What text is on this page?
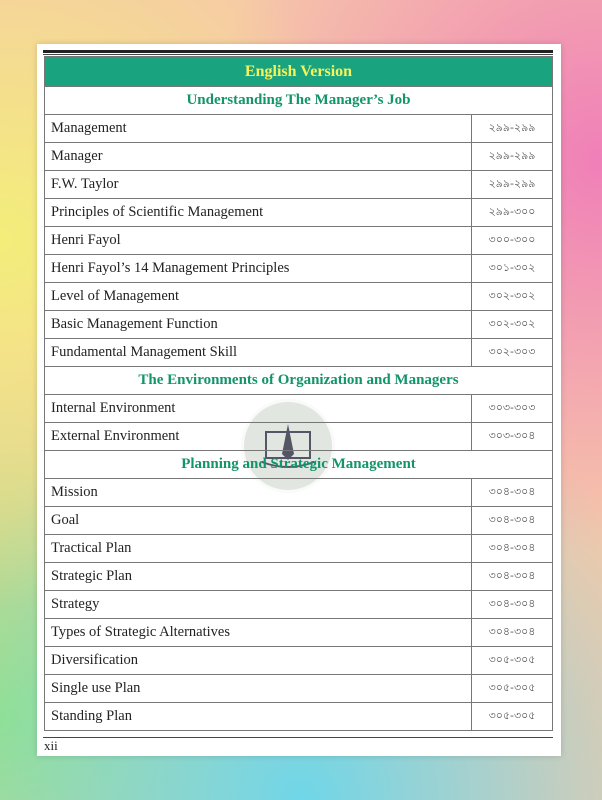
English Version	
Understanding The Manager’s Job	
Management	২৯৯-২৯৯
Manager	২৯৯-২৯৯
F.W. Taylor	২৯৯-২৯৯
Principles of Scientific Management	২৯৯-৩০০
Henri Fayol	৩০০-৩০০
Henri Fayol’s 14 Management Principles	৩০১-৩০২
Level of Management	৩০২-৩০২
Basic Management Function	৩০২-৩০২
Fundamental Management Skill	৩০২-৩০৩
The Environments of Organization and Managers	
Internal Environment	৩০৩-৩০৩
External Environment	৩০৩-৩০৪
Planning and Strategic Management	
Mission	৩০৪-৩০৪
Goal	৩০৪-৩০৪
Tractical Plan	৩০৪-৩০৪
Strategic Plan	৩০৪-৩০৪
Strategy	৩০৪-৩০৪
Types of Strategic Alternatives	৩০৪-৩০৪
Diversification	৩০৫-৩০৫
Single use Plan	৩০৫-৩০৫
Standing Plan	৩০৫-৩০৫
xii
